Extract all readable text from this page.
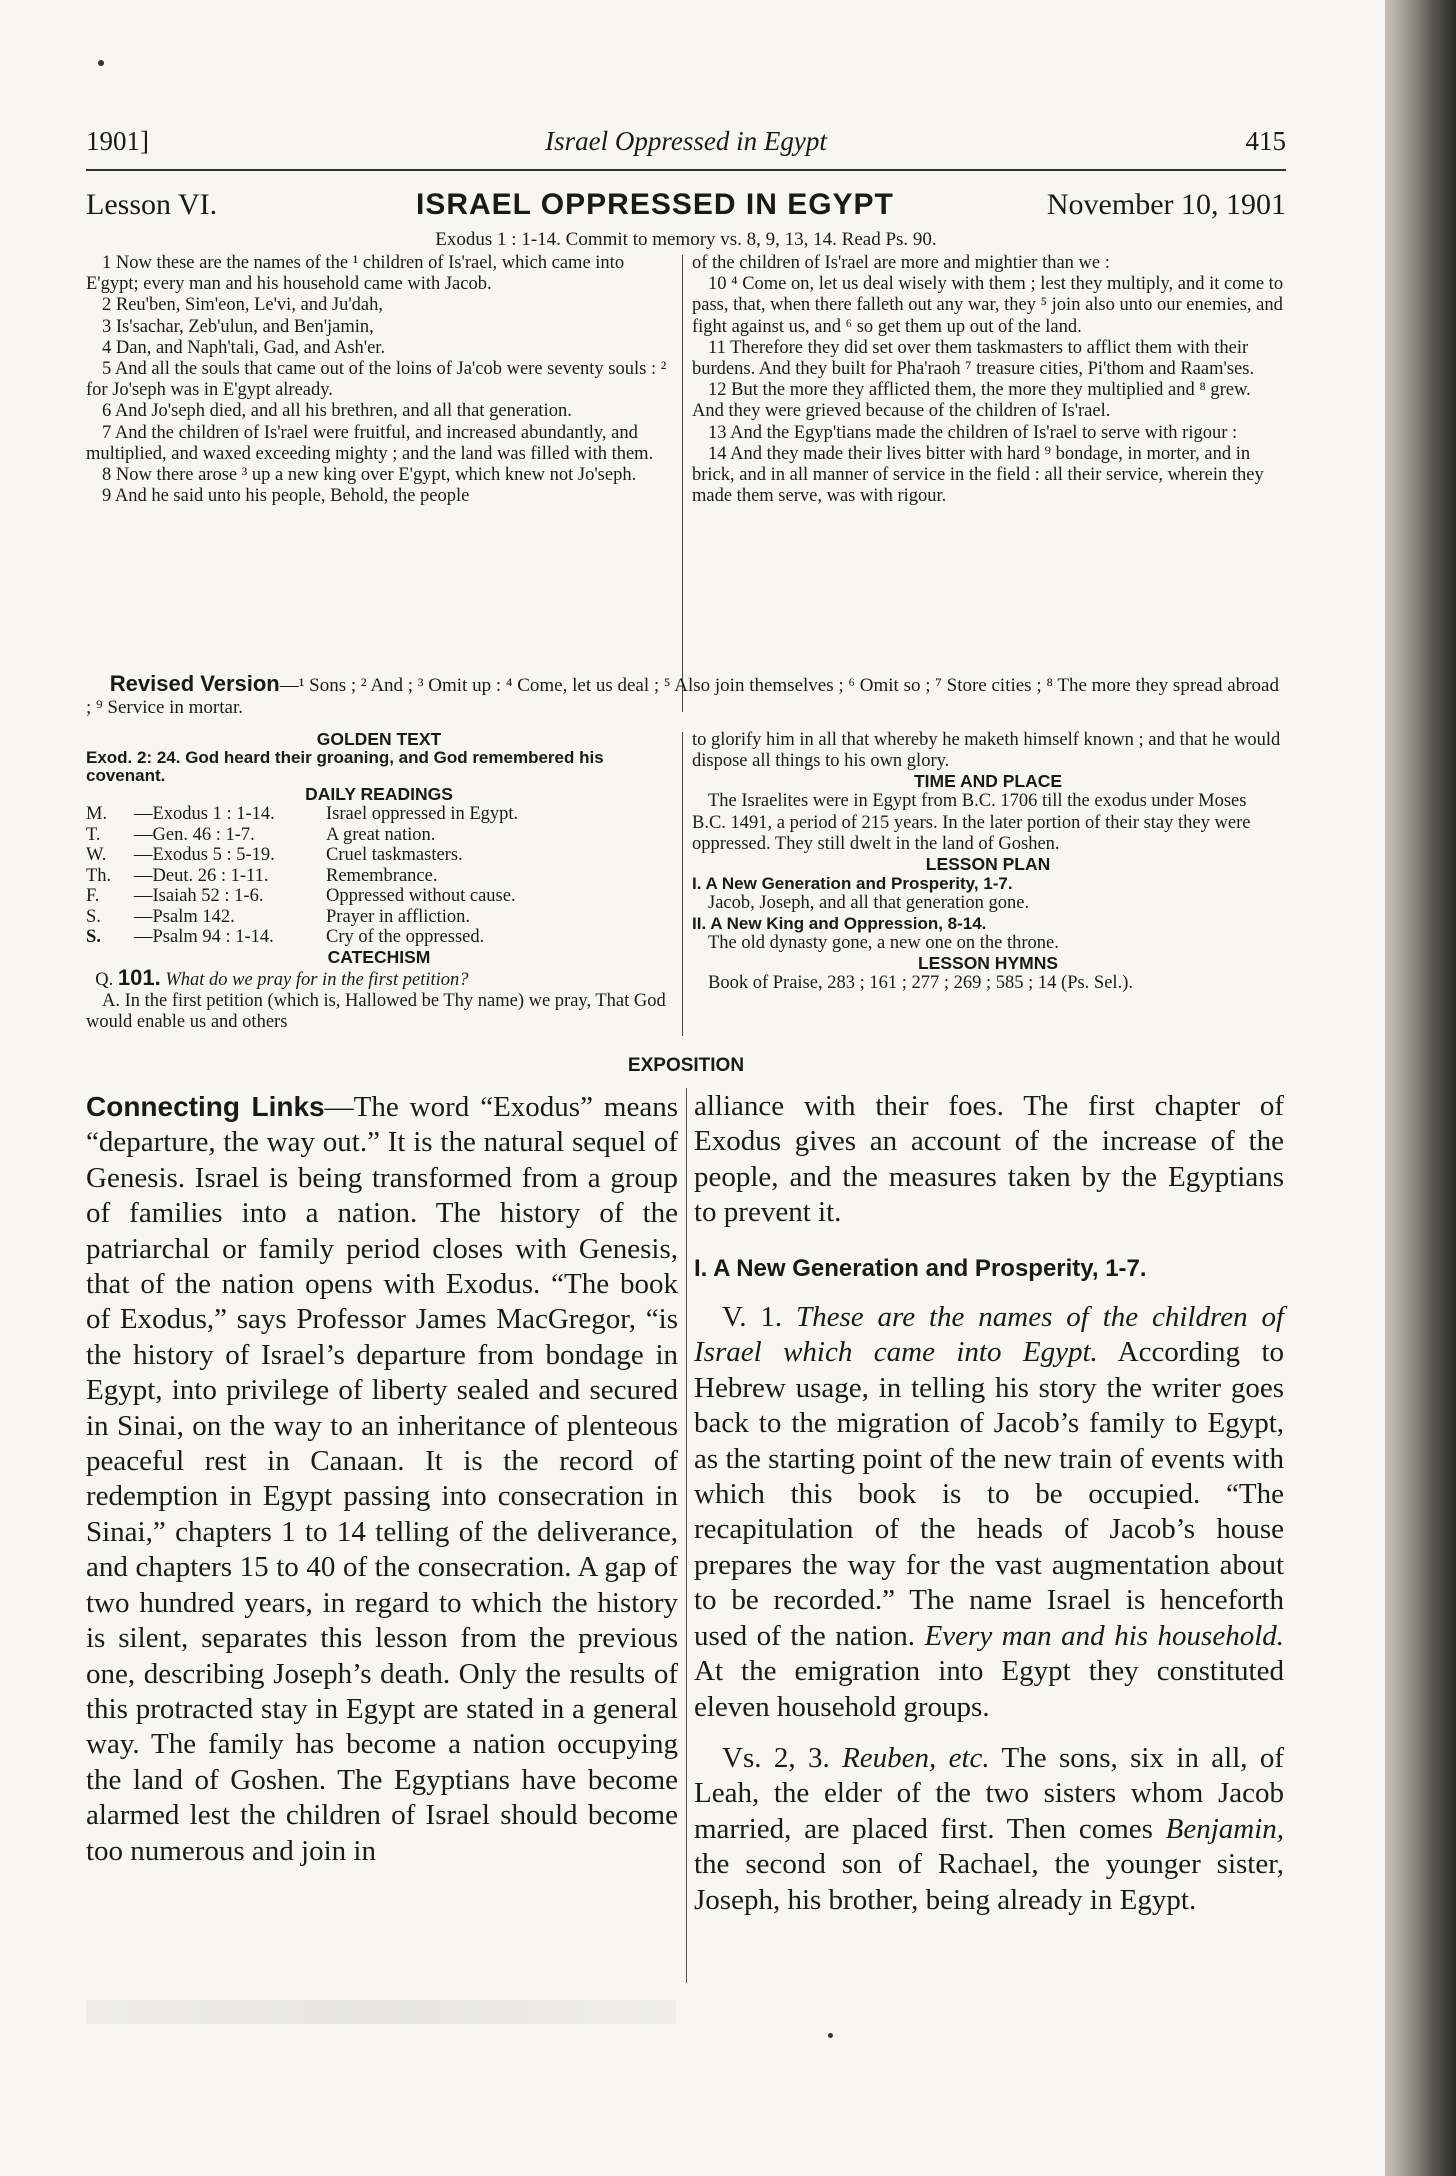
1901]	Israel Oppressed in Egypt	415
Lesson VI.	ISRAEL OPPRESSED IN EGYPT	November 10, 1901
Exodus 1 : 1-14. Commit to memory vs. 8, 9, 13, 14. Read Ps. 90.

1 Now these are the names of the ¹ children of Is'rael, which came into E'gypt; every man and his household came with Jacob.

2 Reu'ben, Sim'eon, Le'vi, and Ju'dah,

3 Is'sachar, Zeb'ulun, and Ben'jamin,

4 Dan, and Naph'tali, Gad, and Ash'er.

5 And all the souls that came out of the loins of Ja'cob were seventy souls : ² for Jo'seph was in E'gypt already.

6 And Jo'seph died, and all his brethren, and all that generation.

7 And the children of Is'rael were fruitful, and increased abundantly, and multiplied, and waxed exceeding mighty ; and the land was filled with them.

8 Now there arose ³ up a new king over E'gypt, which knew not Jo'seph.

9 And he said unto his people, Behold, the people

of the children of Is'rael are more and mightier than we :

10 ⁴ Come on, let us deal wisely with them ; lest they multiply, and it come to pass, that, when there falleth out any war, they ⁵ join also unto our enemies, and fight against us, and ⁶ so get them up out of the land.

11 Therefore they did set over them taskmasters to afflict them with their burdens. And they built for Pha'raoh ⁷ treasure cities, Pi'thom and Raam'ses.

12 But the more they afflicted them, the more they multiplied and ⁸ grew. And they were grieved because of the children of Is'rael.

13 And the Egyp'tians made the children of Is'rael to serve with rigour :

14 And they made their lives bitter with hard ⁹ bondage, in morter, and in brick, and in all manner of service in the field : all their service, wherein they made them serve, was with rigour.

Revised Version—¹ Sons ; ² And ; ³ Omit up : ⁴ Come, let us deal ; ⁵ Also join themselves ; ⁶ Omit so ; ⁷ Store cities ; ⁸ The more they spread abroad ; ⁹ Service in mortar.
GOLDEN TEXT
Exod. 2: 24. God heard their groaning, and God remembered his covenant.
DAILY READINGS
M.	—Exodus 1 : 1-14.	Israel oppressed in Egypt.
T.	—Gen. 46 : 1-7.	A great nation.
W.	—Exodus 5 : 5-19.	Cruel taskmasters.
Th.	—Deut. 26 : 1-11.	Remembrance.
F.	—Isaiah 52 : 1-6.	Oppressed without cause.
S.	—Psalm 142.	Prayer in affliction.
S.	—Psalm 94 : 1-14.	Cry of the oppressed.
CATECHISM
Q. 101. What do we pray for in the first petition?

A. In the first petition (which is, Hallowed be Thy name) we pray, That God would enable us and others

to glorify him in all that whereby he maketh himself known ; and that he would dispose all things to his own glory.

TIME AND PLACE

The Israelites were in Egypt from B.C. 1706 till the exodus under Moses B.C. 1491, a period of 215 years. In the later portion of their stay they were oppressed. They still dwelt in the land of Goshen.

LESSON PLAN
I. A New Generation and Prosperity, 1-7.

Jacob, Joseph, and all that generation gone.

II. A New King and Oppression, 8-14.

The old dynasty gone, a new one on the throne.

LESSON HYMNS

Book of Praise, 283 ; 161 ; 277 ; 269 ; 585 ; 14 (Ps. Sel.).

EXPOSITION

Connecting Links—The word “Exodus” means “departure, the way out.” It is the natural sequel of Genesis. Israel is being transformed from a group of families into a nation. The history of the patriarchal or family period closes with Genesis, that of the nation opens with Exodus. “The book of Exodus,” says Professor James MacGregor, “is the history of Israel’s departure from bondage in Egypt, into privilege of liberty sealed and secured in Sinai, on the way to an inheritance of plenteous peaceful rest in Canaan. It is the record of redemption in Egypt passing into consecration in Sinai,” chapters 1 to 14 telling of the deliverance, and chapters 15 to 40 of the consecration. A gap of two hundred years, in regard to which the history is silent, separates this lesson from the previous one, describing Joseph’s death. Only the results of this protracted stay in Egypt are stated in a general way. The family has become a nation occupying the land of Goshen. The Egyptians have become alarmed lest the children of Israel should become too numerous and join in

alliance with their foes. The first chapter of Exodus gives an account of the increase of the people, and the measures taken by the Egyptians to prevent it.

I. A New Generation and Prosperity, 1-7.

V. 1. These are the names of the children of Israel which came into Egypt. According to Hebrew usage, in telling his story the writer goes back to the migration of Jacob’s family to Egypt, as the starting point of the new train of events with which this book is to be occupied. “The recapitulation of the heads of Jacob’s house prepares the way for the vast augmentation about to be recorded.” The name Israel is henceforth used of the nation. Every man and his household. At the emigration into Egypt they constituted eleven household groups.

Vs. 2, 3. Reuben, etc. The sons, six in all, of Leah, the elder of the two sisters whom Jacob married, are placed first. Then comes Benjamin, the second son of Rachael, the younger sister, Joseph, his brother, being already in Egypt.
